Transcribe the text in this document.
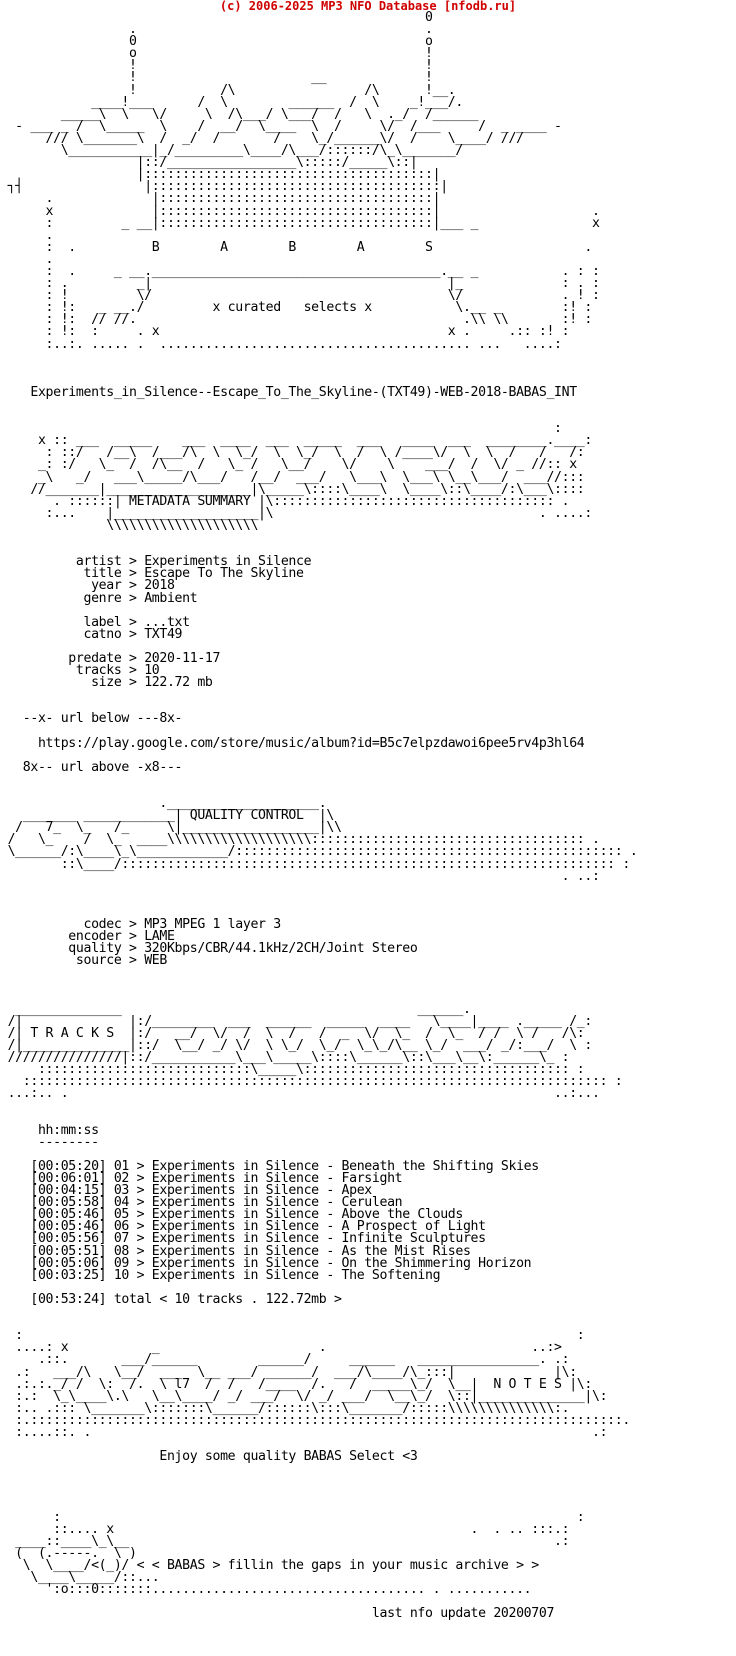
(c) 2006-2025 MP3 NFO Database [nfodb.ru]
0
.                                      .
0                                      o
o                                      !
!                                      !
!                       __             !
!           /\                 /\      !__.
____!___      /  \        ______  /  \    _!___/.
_____\  \   \/     \  /\___/ \___/  /   \  ._/  /______
- ___ _ /  \_____  \    /  __/  \____  \  /     \/  /___     /  _ ____ -
/// \_______\  /  _/  /       /    \_/______\/  /    \____/ ///
\___________|_/_________\____/\___/::::::/\_\_______/
|::/_________________\:::::/_____\::|
|::::::::::::::::::::::::::::::::::::::|
┐┤                |::::::::::::::::::::::::::::::::::::::|
.             |::::::::::::::::::::::::::::::::::::|
x             |::::::::::::::::::::::::::::::::::::|                    .
:         _ __|::::::::::::::::::::::::::::::::::::|___ _               x
.
:  .          B        A        B        A        S                    .
.
:  .     _ __.______________________________________.__ _           . : :
: .         _|                                       |_             : . :
: !         \/                                       \/             . ! :
: !:   _ __./         x curated   selects x           \.__ _        :! :
: !:  // //.                                           .\\ \\       :! :
: !:  :     . x                                      x .     .:: :! :
:..:. ..... .  ......................................... ...   ....:

Experiments_in_Silence--Escape_To_The_Skyline-(TXT49)-WEB-2018-BABAS_INT

:
x :: ___  _____    ___  ____  ___  _____  ___   ____  ___  ________.____:
: ::/   /__\  /___/\  \  \_/  \  \_/  \  /  \ /____\/  \  \  /   /   /:
_: :/   \_  /  /\__  /   \_ /   \__/    \/    \    ___/  /  \/ _ //:: x
_\   _/   ___\_____/\___/   /__/  ___/   \___\  \___\ \__\___/  ___//:::
//_______|___________________|\_____\::::\____\  \____\::\____/:\___\::::
. ::::::| METADATA SUMMARY |\::::::::::::::::::::::::::::::::::::: .
:...    |___________________|\                                   . ....:
\\\\\\\\\\\\\\\\\\\\

artist > Experiments in Silence
title > Escape To The Skyline
year > 2018
genre > Ambient

label > ...txt
catno > TXT49

predate > 2020-11-17
tracks > 10
size > 122.72 mb

--x- url below ---8x-

https://play.google.com/store/music/album?id=B5c7elpzdawoi6pee5rv4p3hl64

8x-- url above -x8---

.____________________.
_______ ____________| QUALITY CONTROL  |\
/   7_  \_   /_     \|__________________|\\
/   \_    /  \_  ____\\\\\\\\\\\\\\\\\\\:::::::::::::::::::::::::::::::::::: .
\______/:\____\_\____________/::::::::::::::::::::::::::::::::::::::::::::::::::: .
::\____/::::::::::::::::::::::::::::::::::::::::::::::::::::::::::::::::: :
. ..:

codec > MP3 MPEG 1 layer 3
encoder > LAME
quality > 320Kbps/CBR/44.1kHz/2CH/Joint Stereo
source > WEB

______________                                       ______.
/|              |:/________  ___  ______  _____  ____   \____|____ ._____ /_:
/| T R A C K S  |:/   __/  \/  /  \  /   /  _  \/  \_  /  \_  / /  \ /   /\:
/|______________|::/  \__/ _/ \/  \ \_/  \_/  \_\_/\__ \_/  ___/ _/:___/  \ :
///////////////|::/___________\___\_____\::::\______\::\___\__\:______\_ :
::::::::::::::::::::::::::::\_____\::::::::::::::::::::::::::::::::::: :
::::::::::::::::::::::::::::::::::::::::::::::::::::::::::::::::::::::::::::: :
...:.. .                                                                ..:...

hh:mm:ss
--------

[00:05:20] 01 > Experiments in Silence - Beneath the Shifting Skies
[00:06:01] 02 > Experiments in Silence - Farsight
[00:04:15] 03 > Experiments in Silence - Apex
[00:05:58] 04 > Experiments in Silence - Cerulean
[00:05:46] 05 > Experiments in Silence - Above the Clouds
[00:05:46] 06 > Experiments in Silence - A Prospect of Light
[00:05:56] 07 > Experiments in Silence - Infinite Sculptures
[00:05:51] 08 > Experiments in Silence - As the Mist Rises
[00:05:06] 09 > Experiments in Silence - On the Shimmering Horizon
[00:03:25] 10 > Experiments in Silence - The Softening

[00:53:24] total < 10 tracks . 122.72mb >

:                                                                         :
....: x           _                     .                           ..:>
.::.       ___/______        ______/     ______   ________________. .:
.:   ___/\   \__/  ___  \__ ___/ ______/  ___/\____/\_:::|             |\:
.:.:._/ /  \:  /.  \ l7  /  /   /____  /.   /  _____\_/  \__|  N O T E S |\:
:.:  \_\____\.\   \__\____/ _/ ___/  \/ _/ ___/  \__\_/  \::|______________|\:
:.. .::: \_______\:::::::\______/::::::\:::\_______/:::::\\\\\\\\\\\\\\:.
:.::::::::::::::::::::::::::::::::::::::::::::::::::::::::::::::::::::::::::::::.
:....::. .                                                                  .:

Enjoy some quality BABAS Select <3

:                                                                    :
::.... x                                               .  . .. :::.:
____::____\_\__                                                        .:
(  (.-----.  \ )
\  \____/<(_)/ < < BABAS > fillin the gaps in your music archive > >
\____\_____/::...
':o:::0:::::::.................................... . ...........

last nfo update 20200707
